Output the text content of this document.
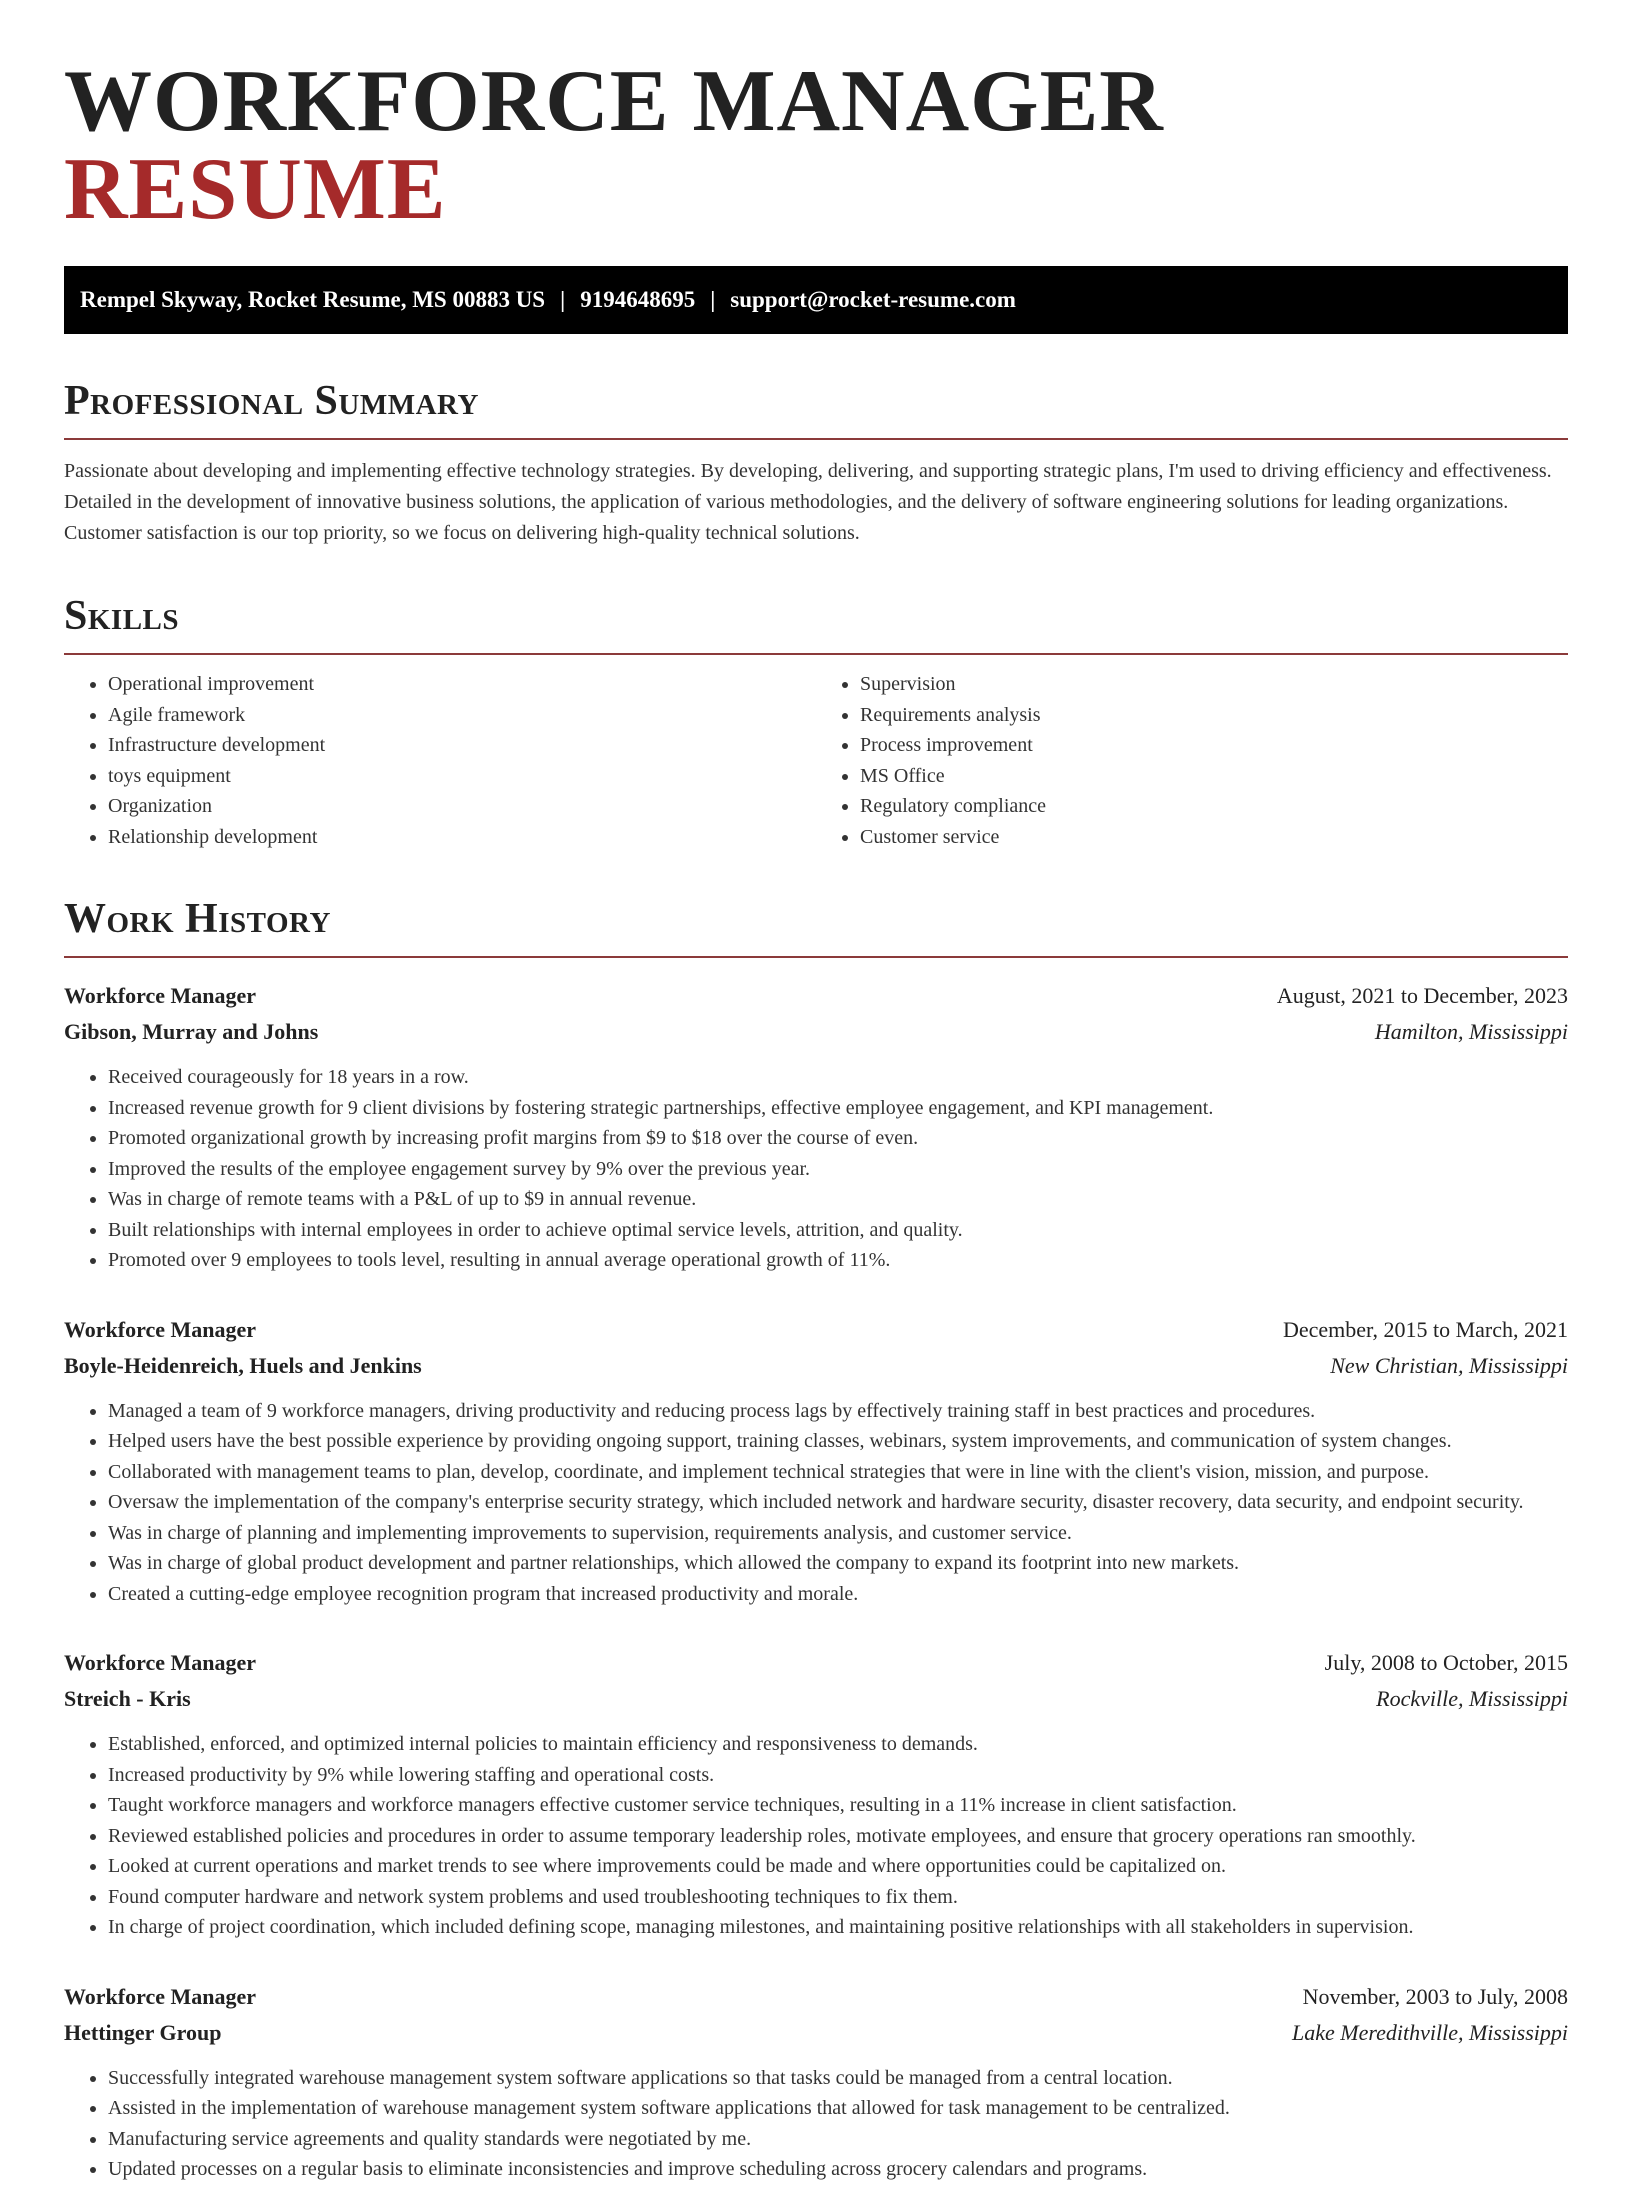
WORKFORCE MANAGER RESUME
Rempel Skyway, Rocket Resume, MS 00883 US | 9194648695 | support@rocket-resume.com
Professional Summary

Passionate about developing and implementing effective technology strategies. By developing, delivering, and supporting strategic plans, I'm used to driving efficiency and effectiveness. Detailed in the development of innovative business solutions, the application of various methodologies, and the delivery of software engineering solutions for leading organizations. Customer satisfaction is our top priority, so we focus on delivering high-quality technical solutions.

Skills
• Operational improvement
• Agile framework
• Infrastructure development
• toys equipment
• Organization
• Relationship development
• Supervision
• Requirements analysis
• Process improvement
• MS Office
• Regulatory compliance
• Customer service
Work History
Workforce Manager	August, 2021 to December, 2023
Gibson, Murray and Johns	Hamilton, Mississippi
• Received courageously for 18 years in a row.
• Increased revenue growth for 9 client divisions by fostering strategic partnerships, effective employee engagement, and KPI management.
• Promoted organizational growth by increasing profit margins from $9 to $18 over the course of even.
• Improved the results of the employee engagement survey by 9% over the previous year.
• Was in charge of remote teams with a P&L of up to $9 in annual revenue.
• Built relationships with internal employees in order to achieve optimal service levels, attrition, and quality.
• Promoted over 9 employees to tools level, resulting in annual average operational growth of 11%.
Workforce Manager	December, 2015 to March, 2021
Boyle-Heidenreich, Huels and Jenkins	New Christian, Mississippi
• Managed a team of 9 workforce managers, driving productivity and reducing process lags by effectively training staff in best practices and procedures.
• Helped users have the best possible experience by providing ongoing support, training classes, webinars, system improvements, and communication of system changes.
• Collaborated with management teams to plan, develop, coordinate, and implement technical strategies that were in line with the client's vision, mission, and purpose.
• Oversaw the implementation of the company's enterprise security strategy, which included network and hardware security, disaster recovery, data security, and endpoint security.
• Was in charge of planning and implementing improvements to supervision, requirements analysis, and customer service.
• Was in charge of global product development and partner relationships, which allowed the company to expand its footprint into new markets.
• Created a cutting-edge employee recognition program that increased productivity and morale.
Workforce Manager	July, 2008 to October, 2015
Streich - Kris	Rockville, Mississippi
• Established, enforced, and optimized internal policies to maintain efficiency and responsiveness to demands.
• Increased productivity by 9% while lowering staffing and operational costs.
• Taught workforce managers and workforce managers effective customer service techniques, resulting in a 11% increase in client satisfaction.
• Reviewed established policies and procedures in order to assume temporary leadership roles, motivate employees, and ensure that grocery operations ran smoothly.
• Looked at current operations and market trends to see where improvements could be made and where opportunities could be capitalized on.
• Found computer hardware and network system problems and used troubleshooting techniques to fix them.
• In charge of project coordination, which included defining scope, managing milestones, and maintaining positive relationships with all stakeholders in supervision.
Workforce Manager	November, 2003 to July, 2008
Hettinger Group	Lake Meredithville, Mississippi
• Successfully integrated warehouse management system software applications so that tasks could be managed from a central location.
• Assisted in the implementation of warehouse management system software applications that allowed for task management to be centralized.
• Manufacturing service agreements and quality standards were negotiated by me.
• Updated processes on a regular basis to eliminate inconsistencies and improve scheduling across grocery calendars and programs.
